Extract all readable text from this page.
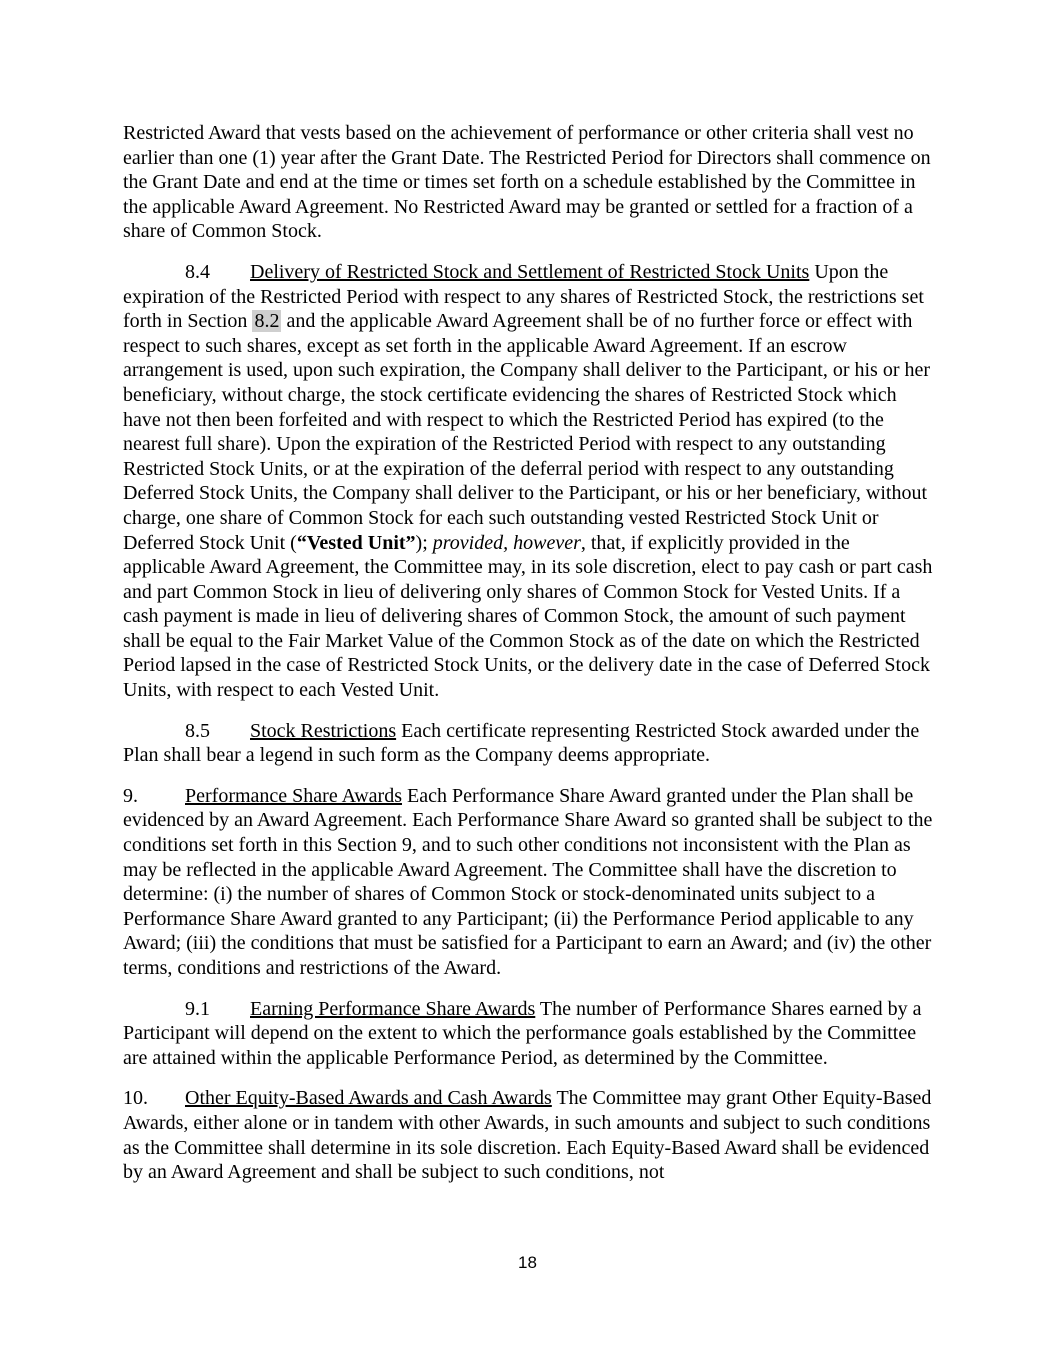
Restricted Award that vests based on the achievement of performance or other criteria shall vest no earlier than one (1) year after the Grant Date. The Restricted Period for Directors shall commence on the Grant Date and end at the time or times set forth on a schedule established by the Committee in the applicable Award Agreement. No Restricted Award may be granted or settled for a fraction of a share of Common Stock.

8.4 Delivery of Restricted Stock and Settlement of Restricted Stock Units Upon the expiration of the Restricted Period with respect to any shares of Restricted Stock, the restrictions set forth in Section 8.2 and the applicable Award Agreement shall be of no further force or effect with respect to such shares, except as set forth in the applicable Award Agreement. If an escrow arrangement is used, upon such expiration, the Company shall deliver to the Participant, or his or her beneficiary, without charge, the stock certificate evidencing the shares of Restricted Stock which have not then been forfeited and with respect to which the Restricted Period has expired (to the nearest full share). Upon the expiration of the Restricted Period with respect to any outstanding Restricted Stock Units, or at the expiration of the deferral period with respect to any outstanding Deferred Stock Units, the Company shall deliver to the Participant, or his or her beneficiary, without charge, one share of Common Stock for each such outstanding vested Restricted Stock Unit or Deferred Stock Unit (“Vested Unit”); provided, however, that, if explicitly provided in the applicable Award Agreement, the Committee may, in its sole discretion, elect to pay cash or part cash and part Common Stock in lieu of delivering only shares of Common Stock for Vested Units. If a cash payment is made in lieu of delivering shares of Common Stock, the amount of such payment shall be equal to the Fair Market Value of the Common Stock as of the date on which the Restricted Period lapsed in the case of Restricted Stock Units, or the delivery date in the case of Deferred Stock Units, with respect to each Vested Unit.

8.5 Stock Restrictions Each certificate representing Restricted Stock awarded under the Plan shall bear a legend in such form as the Company deems appropriate.

9. Performance Share Awards Each Performance Share Award granted under the Plan shall be evidenced by an Award Agreement. Each Performance Share Award so granted shall be subject to the conditions set forth in this Section 9, and to such other conditions not inconsistent with the Plan as may be reflected in the applicable Award Agreement. The Committee shall have the discretion to determine: (i) the number of shares of Common Stock or stock-denominated units subject to a Performance Share Award granted to any Participant; (ii) the Performance Period applicable to any Award; (iii) the conditions that must be satisfied for a Participant to earn an Award; and (iv) the other terms, conditions and restrictions of the Award.

9.1 Earning Performance Share Awards The number of Performance Shares earned by a Participant will depend on the extent to which the performance goals established by the Committee are attained within the applicable Performance Period, as determined by the Committee.

10. Other Equity-Based Awards and Cash Awards The Committee may grant Other Equity-Based Awards, either alone or in tandem with other Awards, in such amounts and subject to such conditions as the Committee shall determine in its sole discretion. Each Equity-Based Award shall be evidenced by an Award Agreement and shall be subject to such conditions, not

18
